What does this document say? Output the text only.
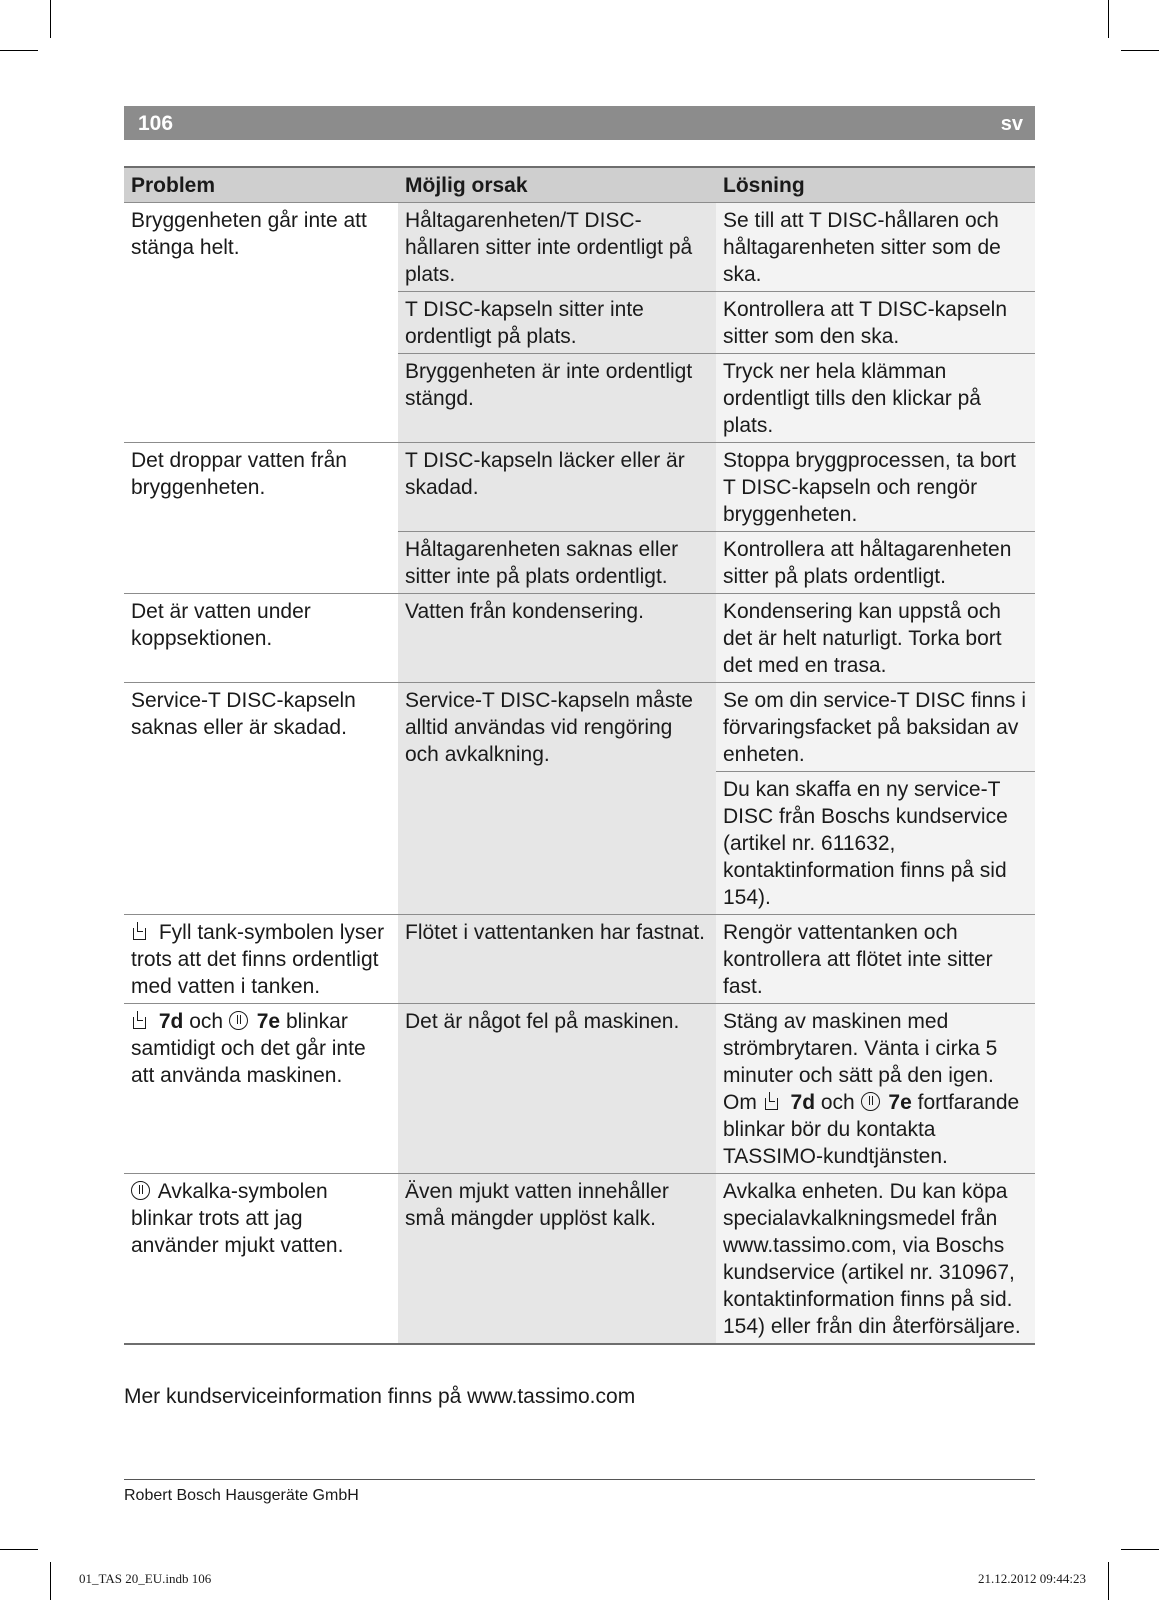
106	sv
Problem	Möjlig orsak	Lösning
Bryggenheten går inte att stänga helt.	Håltagarenheten/T DISC-hållaren sitter inte ordentligt på plats.	Se till att T DISC-hållaren och håltagarenheten sitter som de ska.
	T DISC-kapseln sitter inte ordentligt på plats.	Kontrollera att T DISC-kapseln sitter som den ska.
	Bryggenheten är inte ordentligt stängd.	Tryck ner hela klämman ordentligt tills den klickar på plats.
Det droppar vatten från bryggenheten.	T DISC-kapseln läcker eller är skadad.	Stoppa bryggprocessen, ta bort T DISC-kapseln och rengör bryggenheten.
	Håltagarenheten saknas eller sitter inte på plats ordentligt.	Kontrollera att håltagarenheten sitter på plats ordentligt.
Det är vatten under koppsektionen.	Vatten från kondensering.	Kondensering kan uppstå och det är helt naturligt. Torka bort det med en trasa.
Service-T DISC-kapseln saknas eller är skadad.	Service-T DISC-kapseln måste alltid användas vid rengöring och avkalkning.	Se om din service-T DISC finns i förvaringsfacket på baksidan av enheten.
		Du kan skaffa en ny service-T DISC från Boschs kundservice (artikel nr. 611632, kontaktinformation finns på sid 154).
Fyll tank-symbolen lyser trots att det finns ordentligt med vatten i tanken.	Flötet i vattentanken har fastnat.	Rengör vattentanken och kontrollera att flötet inte sitter fast.
7d och 7e blinkar samtidigt och det går inte att använda maskinen.	Det är något fel på maskinen.	Stäng av maskinen med strömbrytaren. Vänta i cirka 5 minuter och sätt på den igen. Om 7d och 7e fortfarande blinkar bör du kontakta TASSIMO-kundtjänsten.
Avkalka-symbolen blinkar trots att jag använder mjukt vatten.	Även mjukt vatten innehåller små mängder upplöst kalk.	Avkalka enheten. Du kan köpa specialavkalkningsmedel från www.tassimo.com, via Boschs kundservice (artikel nr. 310967, kontaktinformation finns på sid. 154) eller från din återförsäljare.
Mer kundserviceinformation finns på www.tassimo.com
Robert Bosch Hausgeräte GmbH
01_TAS 20_EU.indb 106	21.12.2012 09:44:23
